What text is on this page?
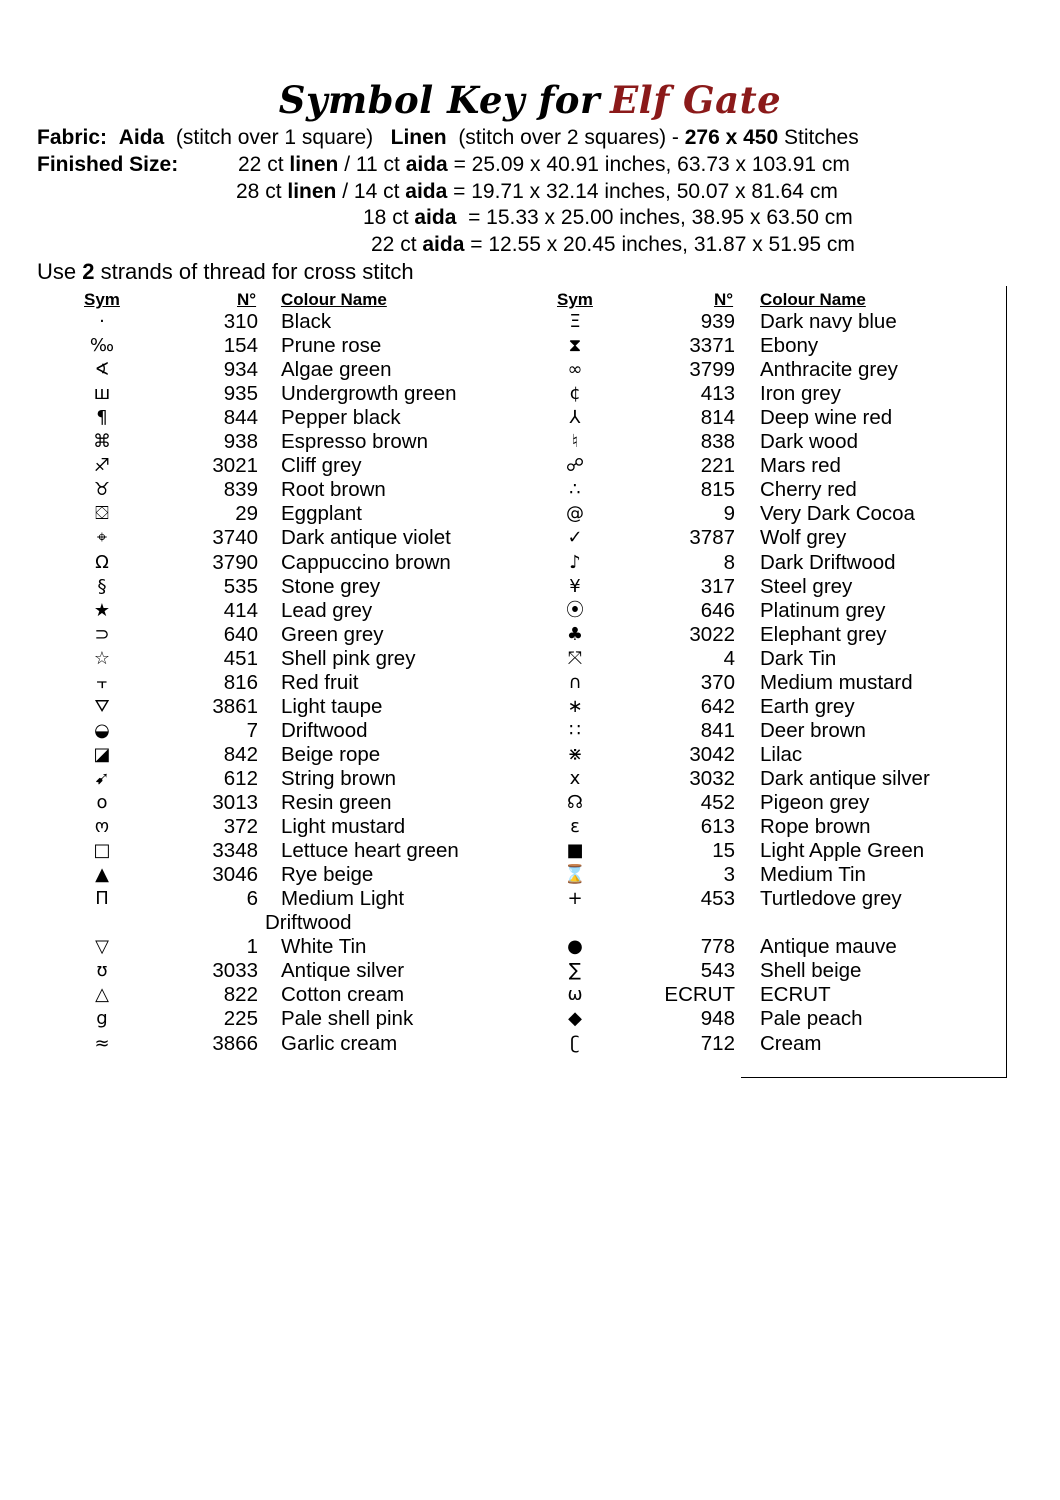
Symbol Key for Elf Gate
Fabric: Aida (stitch over 1 square) Linen (stitch over 2 squares) - 276 x 450 Stitches
Finished Size:	22 ct linen / 11 ct aida = 25.09 x 40.91 inches, 63.73 x 103.91 cm
28 ct linen / 14 ct aida = 19.71 x 32.14 inches, 50.07 x 81.64 cm
18 ct aida  = 15.33 x 25.00 inches, 38.95 x 63.50 cm
22 ct aida = 12.55 x 20.45 inches, 31.87 x 51.95 cm
Use 2 strands of thread for cross stitch
Sym	N° Colour Name	Sym	N° Colour Name
·	310 Black
‰	154 Prune rose
∢	934 Algae green
ш	935 Undergrowth green
¶	844 Pepper black
⌘	938 Espresso brown
♐	3021 Cliff grey
♉	839 Root brown
⛋	29 Eggplant
⌖	3740 Dark antique violet
Ω	3790 Cappuccino brown
§	535 Stone grey
★	414 Lead grey
⊃	640 Green grey
☆	451 Shell pink grey
⫟	816 Red fruit
⛛	3861 Light taupe
◒	7 Driftwood
◪	842 Beige rope
➹	612 String brown
o	3013 Resin green
ო	372 Light mustard
□	3348 Lettuce heart green
▲	3046 Rye beige
Π	6 Medium Light
Driftwood
▽	1 White Tin
ʊ	3033 Antique silver
△	822 Cotton cream
g	225 Pale shell pink
≈	3866 Garlic cream
Ξ	939 Dark navy blue
⧗	3371 Ebony
∞	3799 Anthracite grey
¢	413 Iron grey
⅄	814 Deep wine red
♮	838 Dark wood
☍	221 Mars red
∴	815 Cherry red
@	9 Very Dark Cocoa
✓	3787 Wolf grey
♪	8 Dark Driftwood
¥	317 Steel grey
⦿	646 Platinum grey
♣	3022 Elephant grey
⤧	4 Dark Tin
∩	370 Medium mustard
∗	642 Earth grey
∷	841 Deer brown
⋇	3042 Lilac
x	3032 Dark antique silver
☊	452 Pigeon grey
ɛ	613 Rope brown
■	15 Light Apple Green
⌛	3 Medium Tin
+	453 Turtledove grey
●	778 Antique mauve
∑	543 Shell beige
ω	ECRUT ECRUT
◆	948 Pale peach
ʗ	712 Cream
